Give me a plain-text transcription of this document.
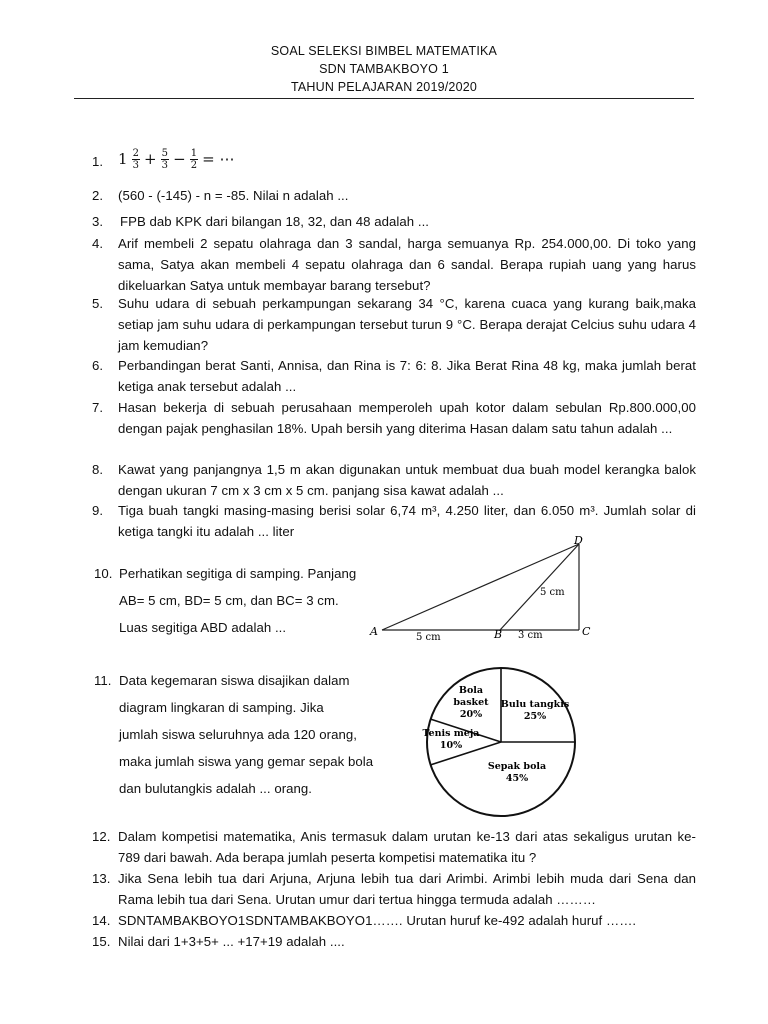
SOAL SELEKSI BIMBEL MATEMATIKA
SDN TAMBAKBOYO 1
TAHUN PELAJARAN 2019/2020
1. $1 \frac{2}{3} + \frac{5}{3} - \frac{1}{2}$ = ⋯
2. (560 - (-145) - n = -85. Nilai n adalah ...
3. FPB dab KPK dari bilangan 18, 32, dan 48 adalah ...
4. Arif membeli 2 sepatu olahraga dan 3 sandal, harga semuanya Rp. 254.000,00. Di toko yang sama, Satya akan membeli 4 sepatu olahraga dan 6 sandal. Berapa rupiah uang yang harus dikeluarkan Satya untuk membayar barang tersebut?
5. Suhu udara di sebuah perkampungan sekarang 34 °C, karena cuaca yang kurang baik,maka setiap jam suhu udara di perkampungan tersebut turun 9 °C. Berapa derajat Celcius suhu udara 4 jam kemudian?
6. Perbandingan berat Santi, Annisa, dan Rina is 7: 6: 8. Jika Berat Rina 48 kg, maka jumlah berat ketiga anak tersebut adalah ...
7. Hasan bekerja di sebuah perusahaan memperoleh upah kotor dalam sebulan Rp.800.000,00 dengan pajak penghasilan 18%. Upah bersih yang diterima Hasan dalam satu tahun adalah ...
8. Kawat yang panjangnya 1,5 m akan digunakan untuk membuat dua buah model kerangka balok dengan ukuran 7 cm x 3 cm x 5 cm. panjang sisa kawat adalah ...
9. Tiga buah tangki masing-masing berisi solar 6,74 m³, 4.250 liter, dan 6.050 m³. Jumlah solar di ketiga tangki itu adalah ... liter
10. Perhatikan segitiga di samping. Panjang
AB= 5 cm, BD= 5 cm, dan BC= 3 cm.
Luas segitiga ABD adalah ...	A	B	C
D
5 cm	3 cm
5 cm
11. Data kegemaran siswa disajikan dalam
diagram lingkaran di samping. Jika
jumlah siswa seluruhnya ada 120 orang,
maka jumlah siswa yang gemar sepak bola
dan bulutangkis adalah ... orang.
Bulu tangkis 25%
Sepak bola 45%
Tenis meja 10%
Bola basket 20%
12. Dalam kompetisi matematika, Anis termasuk dalam urutan ke-13 dari atas sekaligus urutan ke-789 dari bawah. Ada berapa jumlah peserta kompetisi matematika itu ?
13. Jika Sena lebih tua dari Arjuna, Arjuna lebih tua dari Arimbi. Arimbi lebih muda dari Sena dan Rama lebih tua dari Sena. Urutan umur dari tertua hingga termuda adalah ………
14. SDNTAMBAKBOYO1SDNTAMBAKBOYO1……. Urutan huruf ke-492 adalah huruf …….
15. Nilai dari 1+3+5+ ... +17+19 adalah ....
